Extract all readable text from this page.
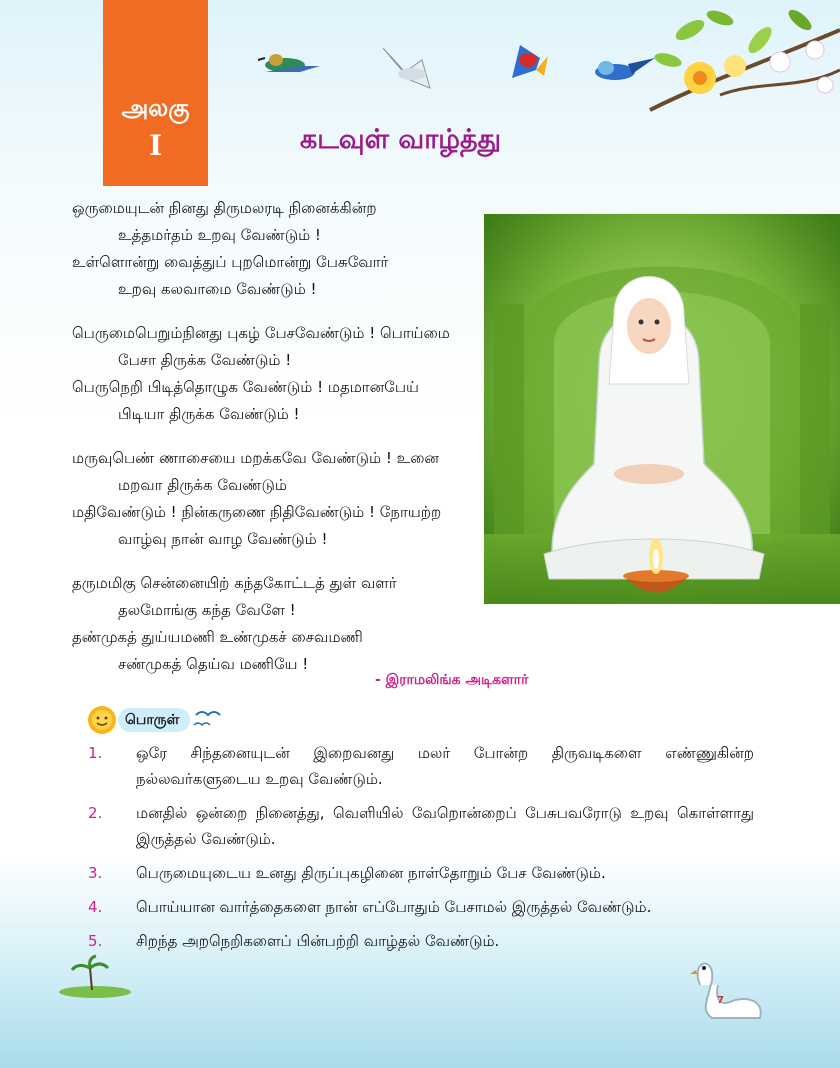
அலகு
I	கடவுள் வாழ்த்து
ஒருமையுடன் நினது திருமலரடி நினைக்கின்ற
உத்தமர்தம் உறவு வேண்டும் !
உள்ளொன்று வைத்துப் புறமொன்று பேசுவோர்
உறவு கலவாமை வேண்டும் !
பெருமைபெறும்நினது புகழ் பேசவேண்டும் ! பொய்மை
பேசா திருக்க வேண்டும் !
பெருநெறி பிடித்தொழுக வேண்டும் ! மதமானபேய்
பிடியா திருக்க வேண்டும் !
மருவுபெண் ணாசையை மறக்கவே வேண்டும் ! உனை
மறவா திருக்க வேண்டும்
மதிவேண்டும் ! நின்கருணை நிதிவேண்டும் ! நோயற்ற
வாழ்வு நான் வாழ வேண்டும் !
தருமமிகு சென்னையிற் கந்தகோட்டத் துள் வளர்
தலமோங்கு கந்த வேளே !
தண்முகத் துய்யமணி உண்முகச் சைவமணி
சண்முகத் தெய்வ மணியே !
- இராமலிங்க அடிகளார்
பொருள்
1. ஒரே சிந்தனையுடன் இறைவனது மலர் போன்ற திருவடிகளை எண்ணுகின்ற நல்லவர்களுடைய உறவு வேண்டும்.
2. மனதில் ஒன்றை நினைத்து, வெளியில் வேறொன்றைப் பேசுபவரோடு உறவு கொள்ளாது இருத்தல் வேண்டும்.
3. பெருமையுடைய உனது திருப்புகழினை நாள்தோறும் பேச வேண்டும்.
4. பொய்யான வார்த்தைகளை நான் எப்போதும் பேசாமல் இருத்தல் வேண்டும்.
5. சிறந்த அறநெறிகளைப் பின்பற்றி வாழ்தல் வேண்டும்.
7
